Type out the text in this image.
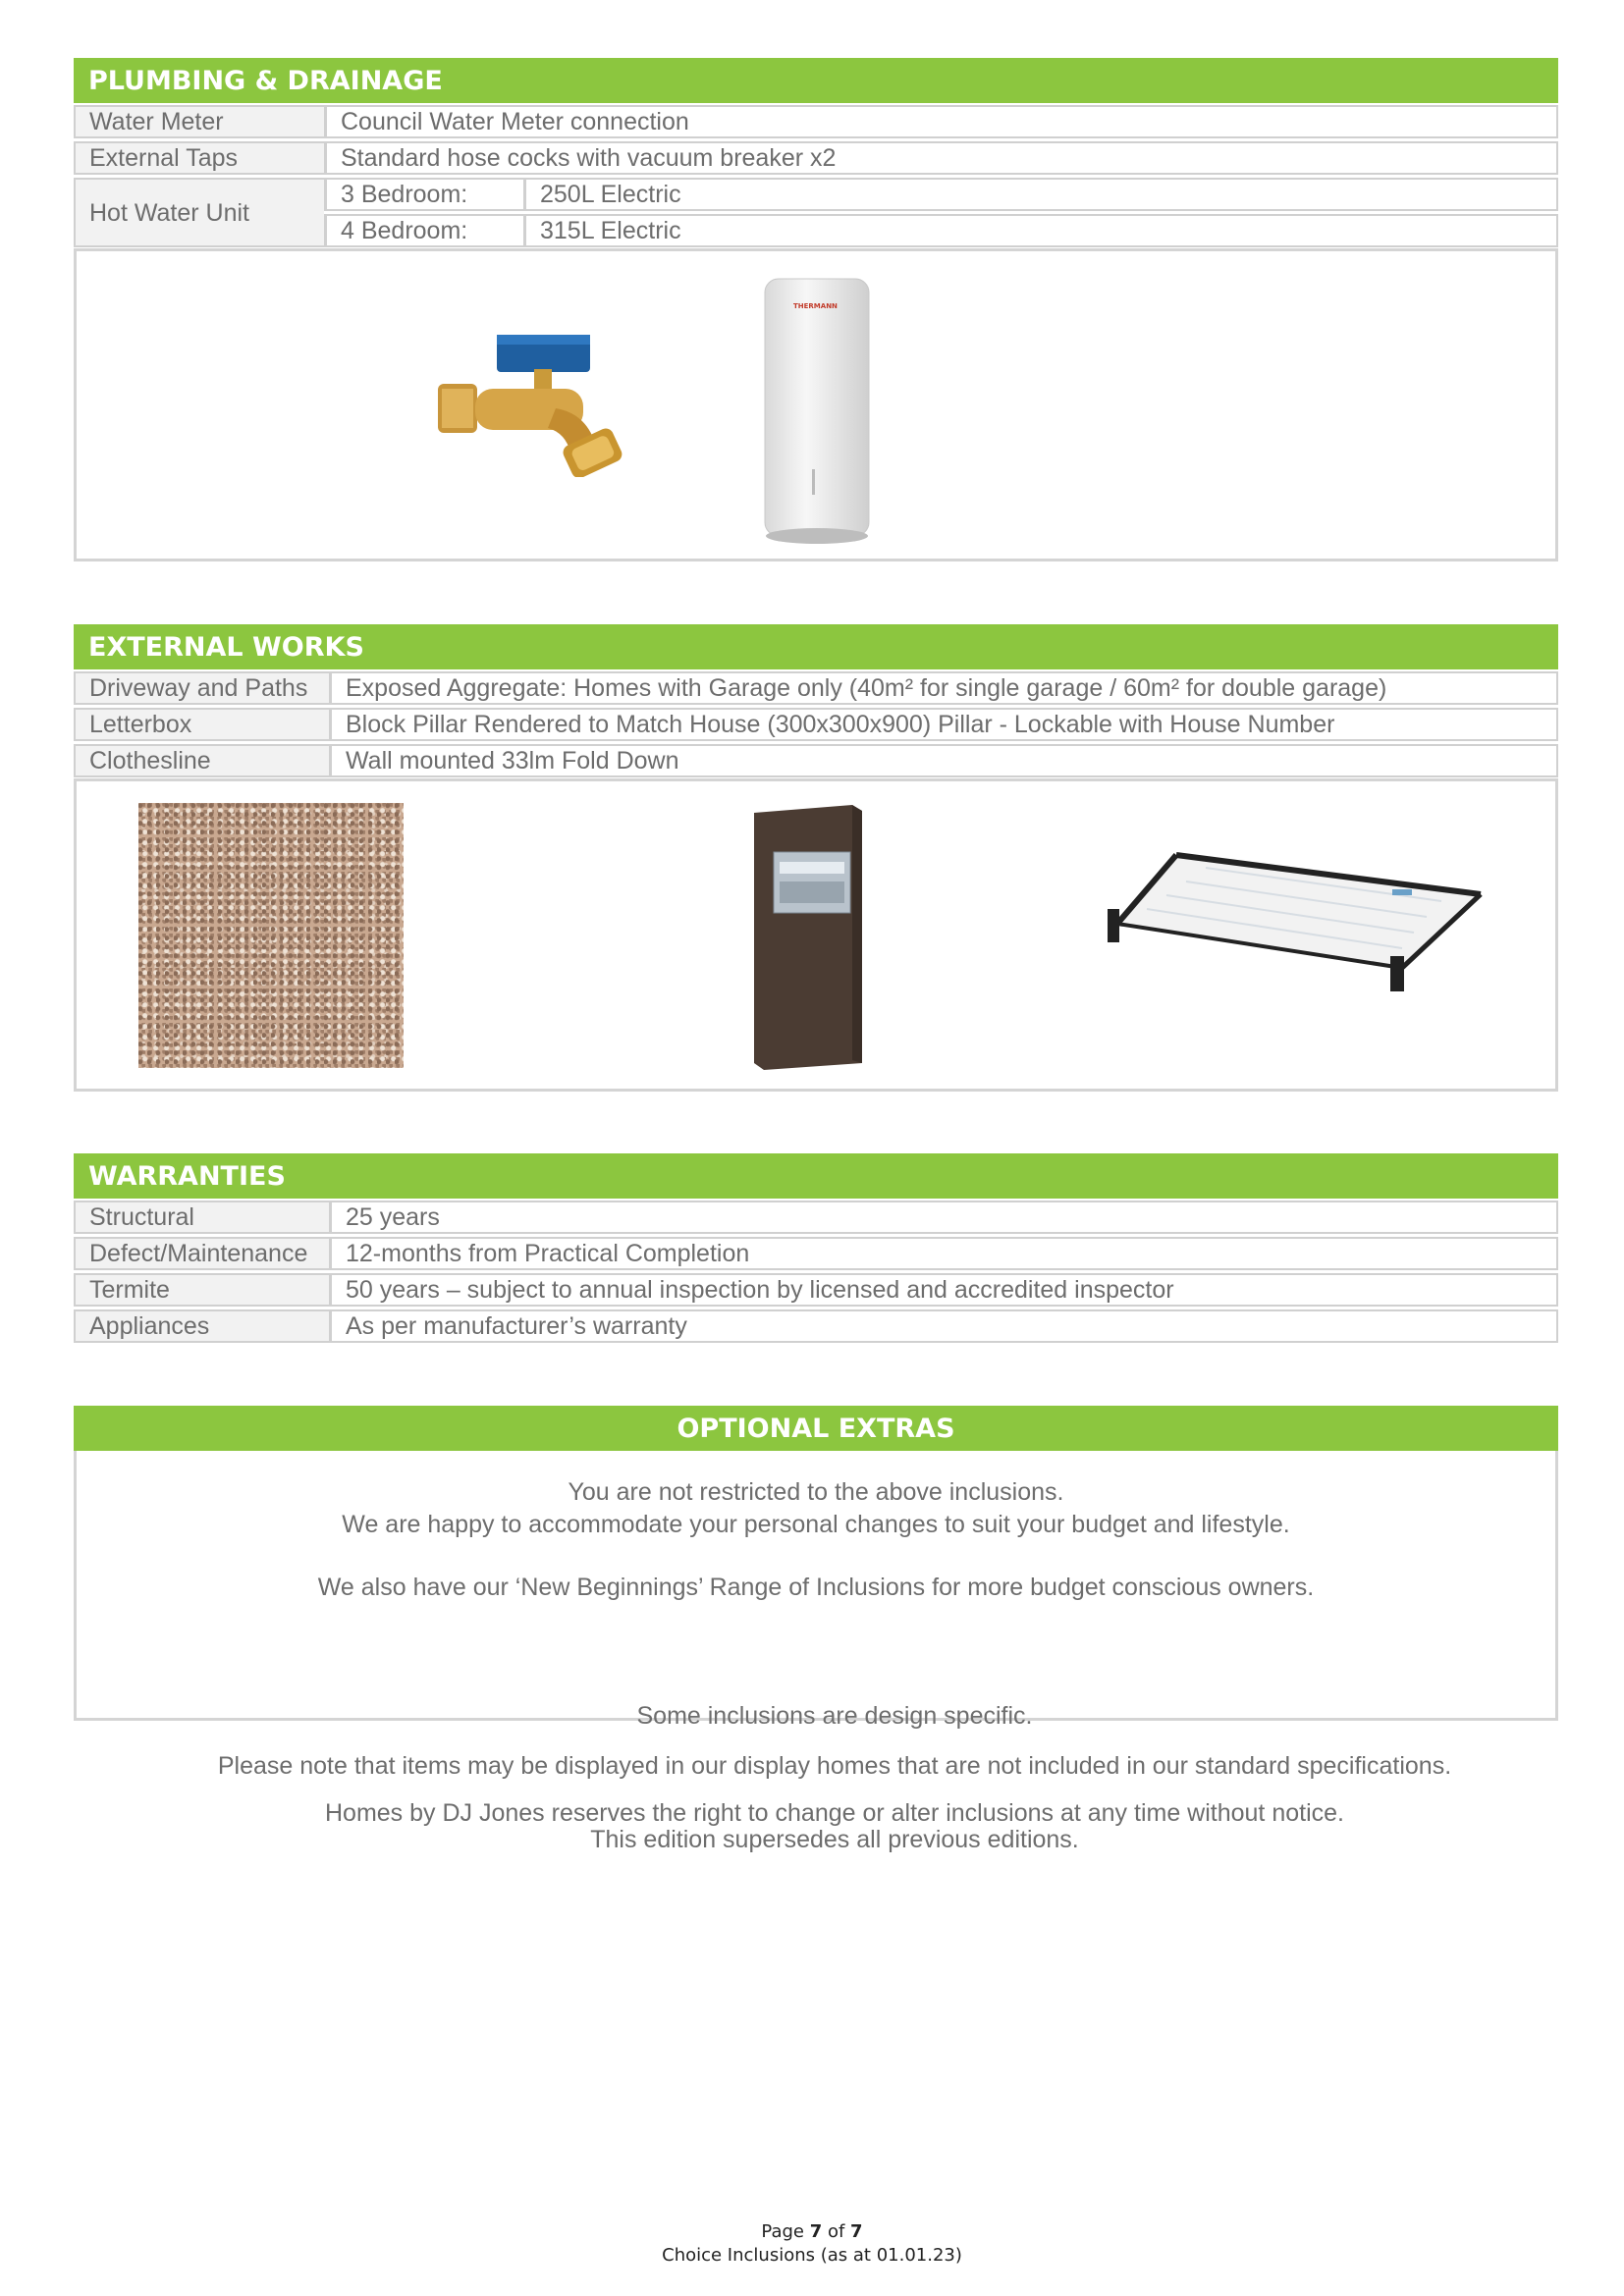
PLUMBING & DRAINAGE
Water Meter	Council Water Meter connection	
External Taps	Standard hose cocks with vacuum breaker x2	
Hot Water Unit	3 Bedroom:	250L Electric
	4 Bedroom:	315L Electric
THERMANN
EXTERNAL WORKS
Driveway and Paths	Exposed Aggregate: Homes with Garage only (40m² for single garage / 60m² for double garage)
Letterbox	Block Pillar Rendered to Match House (300x300x900) Pillar - Lockable with House Number
Clothesline	Wall mounted 33lm Fold Down
WARRANTIES
Structural	25 years
Defect/Maintenance	12-months from Practical Completion
Termite	50 years – subject to annual inspection by licensed and accredited inspector
Appliances	As per manufacturer’s warranty
OPTIONAL EXTRAS
You are not restricted to the above inclusions.
We are happy to accommodate your personal changes to suit your budget and lifestyle.
We also have our ‘New Beginnings’ Range of Inclusions for more budget conscious owners.
Some inclusions are design specific.
Please note that items may be displayed in our display homes that are not included in our standard specifications.
Homes by DJ Jones reserves the right to change or alter inclusions at any time without notice.
This edition supersedes all previous editions.
Page 7 of 7
Choice Inclusions (as at 01.01.23)
